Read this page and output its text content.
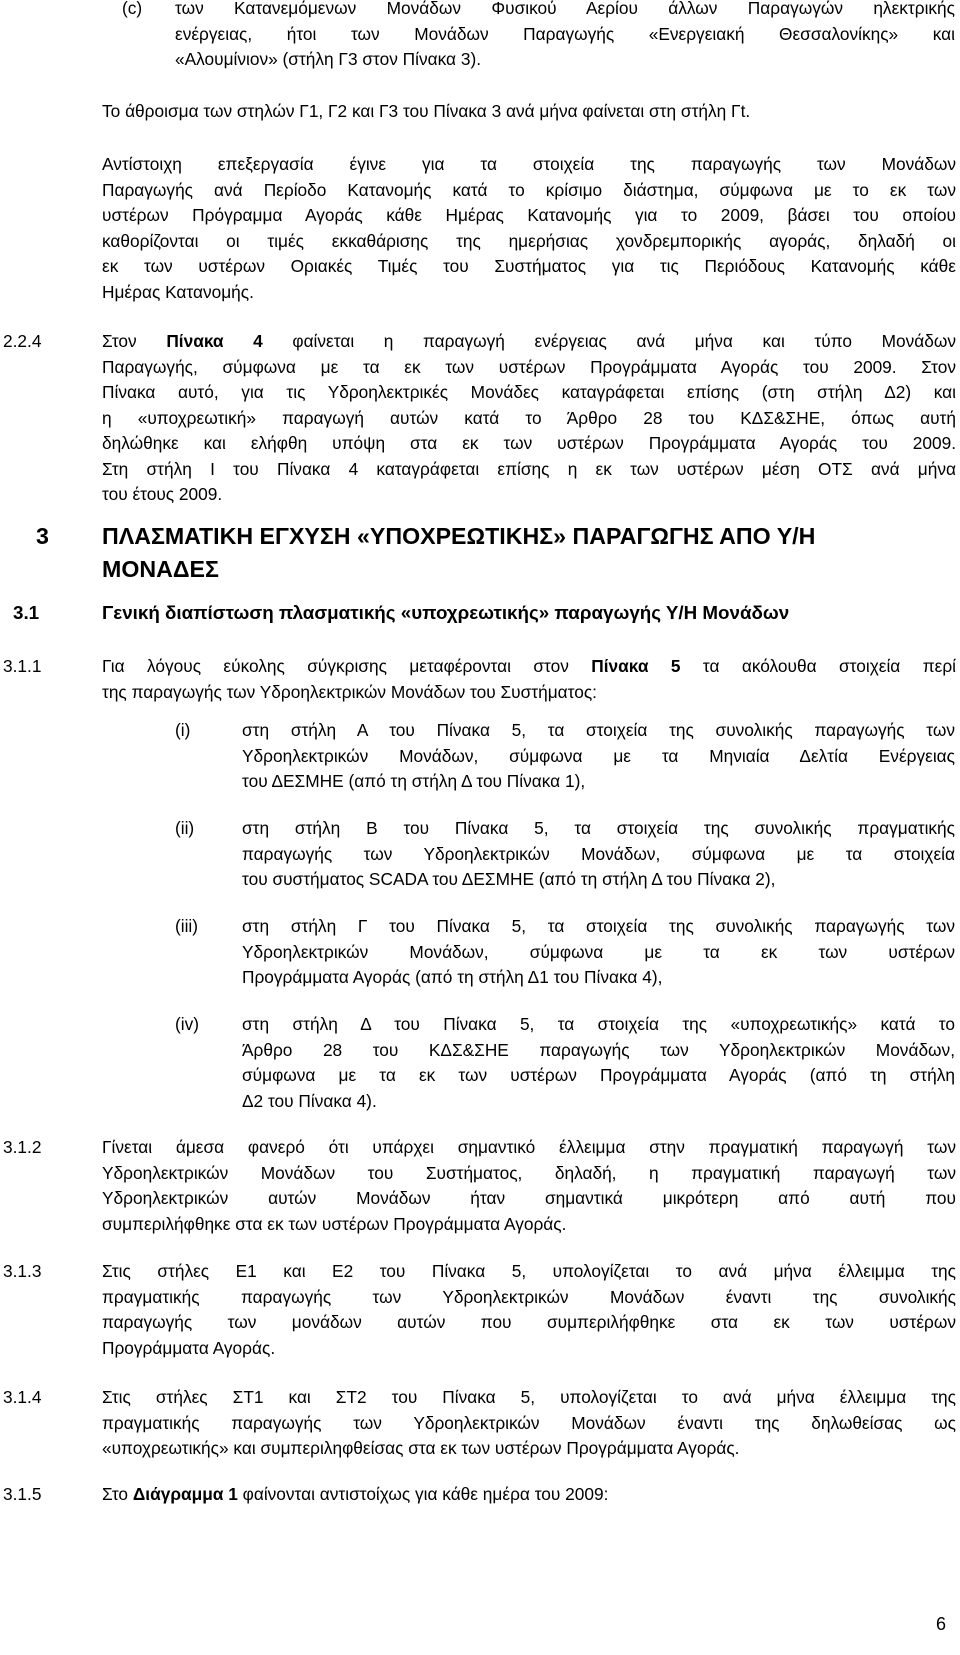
(c) των Κατανεμόμενων Μονάδων Φυσικού Αερίου άλλων Παραγωγών ηλεκτρικής
ενέργειας, ήτοι των Μονάδων Παραγωγής «Ενεργειακή Θεσσαλονίκης» και
«Αλουμίνιον» (στήλη Γ3 στον Πίνακα 3).
Το άθροισμα των στηλών Γ1, Γ2 και Γ3 του Πίνακα 3 ανά μήνα φαίνεται στη στήλη Γt.
Αντίστοιχη επεξεργασία έγινε για τα στοιχεία της παραγωγής των Μονάδων
Παραγωγής ανά Περίοδο Κατανομής κατά το κρίσιμο διάστημα, σύμφωνα με το εκ των
υστέρων Πρόγραμμα Αγοράς κάθε Ημέρας Κατανομής για το 2009, βάσει του οποίου
καθορίζονται οι τιμές εκκαθάρισης της ημερήσιας χονδρεμπορικής αγοράς, δηλαδή οι
εκ των υστέρων Οριακές Τιμές του Συστήματος για τις Περιόδους Κατανομής κάθε
Ημέρας Κατανομής.
2.2.4	Στον Πίνακα 4 φαίνεται η παραγωγή ενέργειας ανά μήνα και τύπο Μονάδων
Παραγωγής, σύμφωνα με τα εκ των υστέρων Προγράμματα Αγοράς του 2009. Στον
Πίνακα αυτό, για τις Υδροηλεκτρικές Μονάδες καταγράφεται επίσης (στη στήλη Δ2) και
η «υποχρεωτική» παραγωγή αυτών κατά το Άρθρο 28 του ΚΔΣ&ΣΗΕ, όπως αυτή
δηλώθηκε και ελήφθη υπόψη στα εκ των υστέρων Προγράμματα Αγοράς του 2009.
Στη στήλη Ι του Πίνακα 4 καταγράφεται επίσης η εκ των υστέρων μέση ΟΤΣ ανά μήνα
του έτους 2009.
3 ΠΛΑΣΜΑΤΙΚΗ ΕΓΧΥΣΗ «ΥΠΟΧΡΕΩΤΙΚΗΣ» ΠΑΡΑΓΩΓΗΣ ΑΠΟ Υ/Η
ΜΟΝΑΔΕΣ
3.1	Γενική διαπίστωση πλασματικής «υποχρεωτικής» παραγωγής Υ/Η Μονάδων
3.1.1	Για λόγους εύκολης σύγκρισης μεταφέρονται στον Πίνακα 5 τα ακόλουθα στοιχεία περί
της παραγωγής των Υδροηλεκτρικών Μονάδων του Συστήματος:
(i)	στη στήλη Α του Πίνακα 5, τα στοιχεία της συνολικής παραγωγής των
Υδροηλεκτρικών Μονάδων, σύμφωνα με τα Μηνιαία Δελτία Ενέργειας
του ΔΕΣΜΗΕ (από τη στήλη Δ του Πίνακα 1),
(ii)	στη στήλη Β του Πίνακα 5, τα στοιχεία της συνολικής πραγματικής
παραγωγής των Υδροηλεκτρικών Μονάδων, σύμφωνα με τα στοιχεία
του συστήματος SCADA του ΔΕΣΜΗΕ (από τη στήλη Δ του Πίνακα 2),
(iii)	στη στήλη Γ του Πίνακα 5, τα στοιχεία της συνολικής παραγωγής των
Υδροηλεκτρικών Μονάδων, σύμφωνα με τα εκ των υστέρων
Προγράμματα Αγοράς (από τη στήλη Δ1 του Πίνακα 4),
(iv) στη στήλη Δ του Πίνακα 5, τα στοιχεία της «υποχρεωτικής» κατά το
Άρθρο 28 του ΚΔΣ&ΣΗΕ παραγωγής των Υδροηλεκτρικών Μονάδων,
σύμφωνα με τα εκ των υστέρων Προγράμματα Αγοράς (από τη στήλη
Δ2 του Πίνακα 4).
3.1.2	Γίνεται άμεσα φανερό ότι υπάρχει σημαντικό έλλειμμα στην πραγματική παραγωγή των
Υδροηλεκτρικών Μονάδων του Συστήματος, δηλαδή, η πραγματική παραγωγή των
Υδροηλεκτρικών αυτών Μονάδων ήταν σημαντικά μικρότερη από αυτή που
συμπεριλήφθηκε στα εκ των υστέρων Προγράμματα Αγοράς.
3.1.3	Στις στήλες Ε1 και Ε2 του Πίνακα 5, υπολογίζεται το ανά μήνα έλλειμμα της
πραγματικής παραγωγής των Υδροηλεκτρικών Μονάδων έναντι της συνολικής
παραγωγής των μονάδων αυτών που συμπεριλήφθηκε στα εκ των υστέρων
Προγράμματα Αγοράς.
3.1.4	Στις στήλες ΣΤ1 και ΣΤ2 του Πίνακα 5, υπολογίζεται το ανά μήνα έλλειμμα της
πραγματικής παραγωγής των Υδροηλεκτρικών Μονάδων έναντι της δηλωθείσας ως
«υποχρεωτικής» και συμπεριληφθείσας στα εκ των υστέρων Προγράμματα Αγοράς.
3.1.5	Στο Διάγραμμα 1 φαίνονται αντιστοίχως για κάθε ημέρα του 2009:
6
